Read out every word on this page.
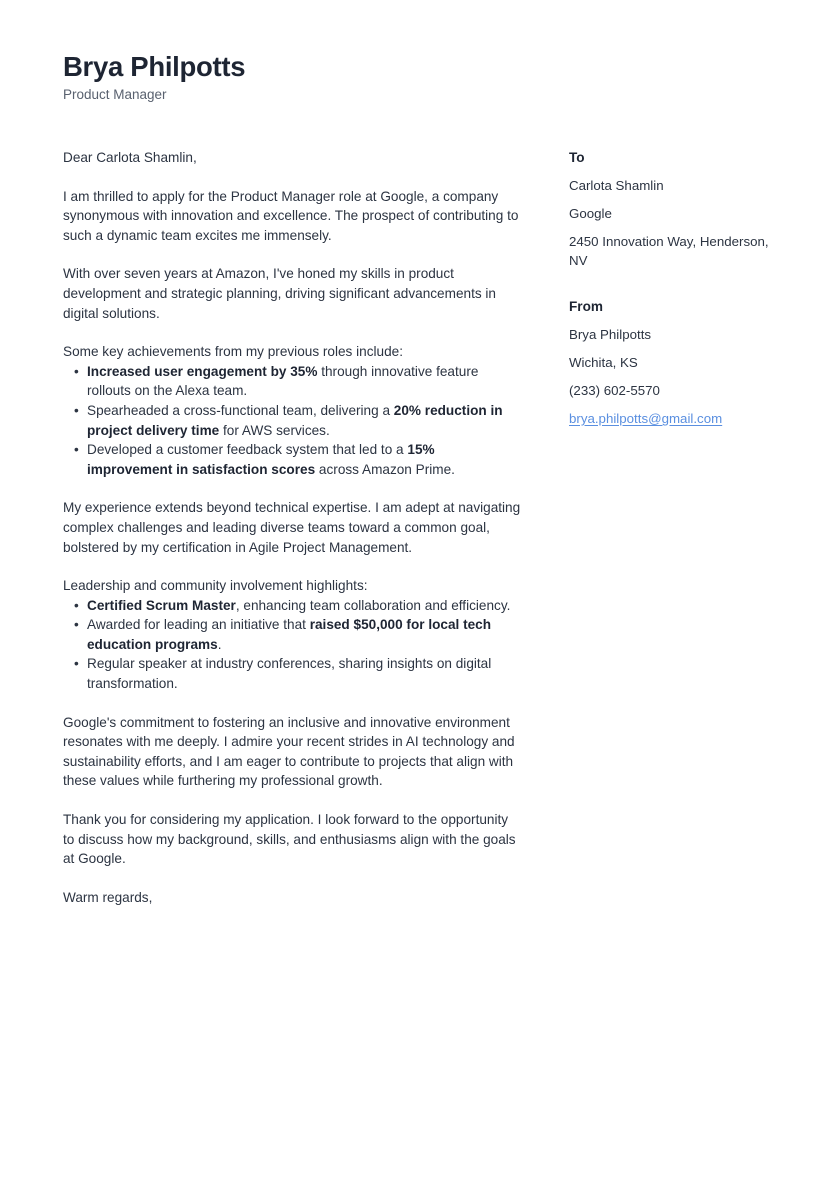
Brya Philpotts
Product Manager

Dear Carlota Shamlin,

I am thrilled to apply for the Product Manager role at Google, a company synonymous with innovation and excellence. The prospect of contributing to such a dynamic team excites me immensely.

With over seven years at Amazon, I've honed my skills in product development and strategic planning, driving significant advancements in digital solutions.

Some key achievements from my previous roles include:

• Increased user engagement by 35% through innovative feature rollouts on the Alexa team.
• Spearheaded a cross-functional team, delivering a 20% reduction in project delivery time for AWS services.
• Developed a customer feedback system that led to a 15% improvement in satisfaction scores across Amazon Prime.

My experience extends beyond technical expertise. I am adept at navigating complex challenges and leading diverse teams toward a common goal, bolstered by my certification in Agile Project Management.

Leadership and community involvement highlights:

• Certified Scrum Master, enhancing team collaboration and efficiency.
• Awarded for leading an initiative that raised $50,000 for local tech education programs.
• Regular speaker at industry conferences, sharing insights on digital transformation.

Google's commitment to fostering an inclusive and innovative environment resonates with me deeply. I admire your recent strides in AI technology and sustainability efforts, and I am eager to contribute to projects that align with these values while furthering my professional growth.

Thank you for considering my application. I look forward to the opportunity to discuss how my background, skills, and enthusiasms align with the goals at Google.

Warm regards,

To
Carlota Shamlin
Google
2450 Innovation Way, Henderson, NV
From
Brya Philpotts
Wichita, KS
(233) 602-5570
brya.philpotts@gmail.com
